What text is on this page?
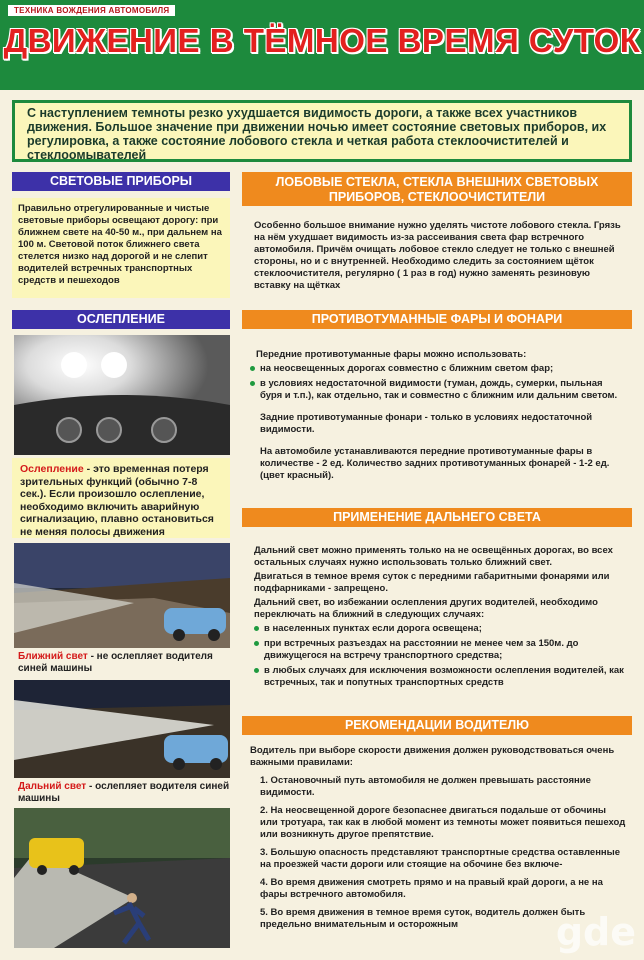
ТЕХНИКА ВОЖДЕНИЯ АВТОМОБИЛЯ
ДВИЖЕНИЕ В ТЁМНОЕ ВРЕМЯ СУТОК
С наступлением темноты резко ухудшается видимость дороги, а также всех участников движения. Большое значение при движении ночью имеет состояние световых приборов, их регулировка, а также состояние лобового стекла и четкая работа стеклоочистителей и стеклоомывателей
СВЕТОВЫЕ ПРИБОРЫ
Правильно отрегулированные и чистые световые приборы освещают дорогу: при ближнем свете на 40-50 м., при дальнем на 100 м. Световой поток ближнего света стелется низко над дорогой и не слепит водителей встречных транспортных средств и пешеходов
ОСЛЕПЛЕНИЕ
Ослепление - это временная потеря зрительных функций (обычно 7-8 сек.). Если произошло ослепление, необходимо включить аварийную сигнализацию, плавно остановиться не меняя полосы движения
Ближний свет - не ослепляет водителя синей машины
Дальний свет - ослепляет водителя синей машины
ЛОБОВЫЕ СТЕКЛА, СТЕКЛА ВНЕШНИХ СВЕТОВЫХ ПРИБОРОВ, СТЕКЛООЧИСТИТЕЛИ
Особенно большое внимание нужно уделять чистоте лобового стекла. Грязь на нём ухудшает видимость из-за рассеивания света фар встречного автомобиля. Причём очищать лобовое стекло следует не только с внешней стороны, но и с внутренней. Необходимо следить за состоянием щёток стеклоочистителя, регулярно ( 1 раз в год) нужно заменять резиновую вставку на щётках
ПРОТИВОТУМАННЫЕ ФАРЫ И ФОНАРИ

Передние противотуманные фары можно использовать:

на неосвещенных дорогах совместно с ближним светом фар;
в условиях недостаточной видимости (туман, дождь, сумерки, пыльная буря и т.п.), как отдельно, так и совместно с ближним или дальним светом.

Задние противотуманные фонари - только в условиях недостаточной видимости.

На автомобиле устанавливаются передние противотуманные фары в количестве - 2 ед. Количество задних противотуманных фонарей - 1-2 ед. (цвет красный).

ПРИМЕНЕНИЕ ДАЛЬНЕГО СВЕТА

Дальний свет можно применять только на не освещённых дорогах, во всех остальных случаях нужно использовать только ближний свет.

Двигаться в темное время суток с передними габаритными фонарями или подфарниками - запрещено.

Дальний свет, во избежании ослепления других водителей, необходимо переключать на ближний в следующих случаях:

в населенных пунктах если дорога освещена;
при встречных разъездах на расстоянии не менее чем за 150м. до движущегося на встречу транспортного средства;
в любых случаях для исключения возможности ослепления водителей, как встречных, так и попутных транспортных средств
РЕКОМЕНДАЦИИ ВОДИТЕЛЮ

Водитель при выборе скорости движения должен руководствоваться очень важными правилами:

1. Остановочный путь автомобиля не должен превышать расстояние видимости.
2. На неосвещенной дороге безопаснее двигаться подальше от обочины или тротуара, так как в любой момент из темноты может появиться пешеход или возникнуть другое препятствие.
3. Большую опасность представляют транспортные средства оставленные на проезжей части дороги или стоящие на обочине без включе-
4. Во время движения смотреть прямо и на правый край дороги, а не на фары встречного автомобиля.
5. Во время движения в темное время суток, водитель должен быть предельно внимательным и осторожным	gde
